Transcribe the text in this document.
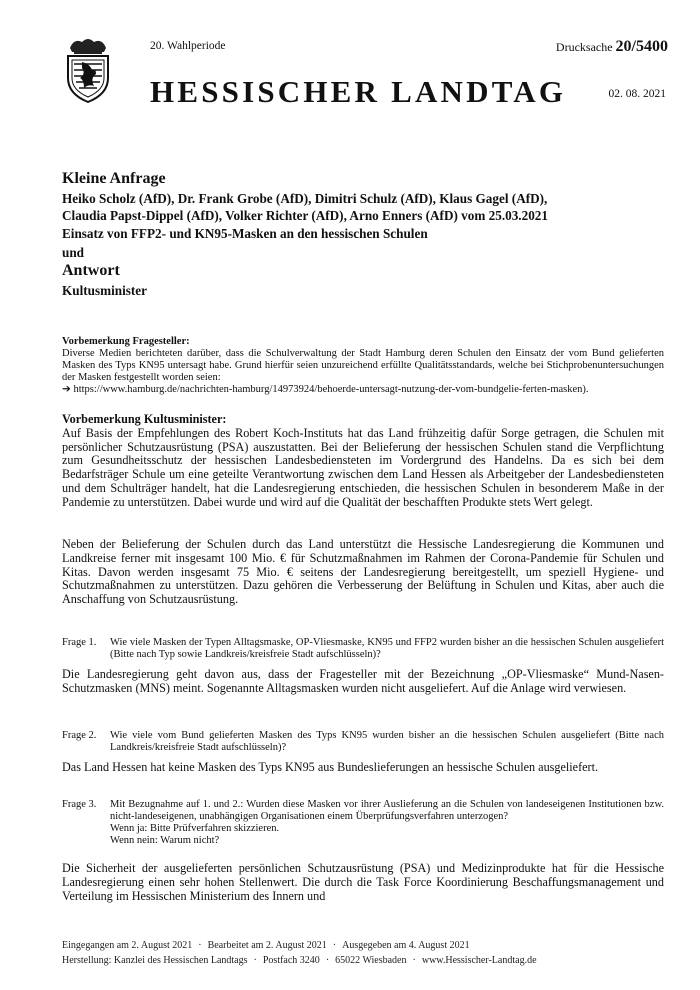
20. Wahlperiode	Drucksache 20/5400
HESSISCHER LANDTAG	02. 08. 2021
Kleine Anfrage
Heiko Scholz (AfD), Dr. Frank Grobe (AfD), Dimitri Schulz (AfD), Klaus Gagel (AfD),
Claudia Papst-Dippel (AfD), Volker Richter (AfD), Arno Enners (AfD) vom 25.03.2021
Einsatz von FFP2- und KN95-Masken an den hessischen Schulen
und
Antwort
Kultusminister
Vorbemerkung Fragesteller:
Diverse Medien berichteten darüber, dass die Schulverwaltung der Stadt Hamburg deren Schulen den Einsatz der vom Bund gelieferten Masken des Typs KN95 untersagt habe. Grund hierfür seien unzureichend erfüllte Qualitätsstandards, welche bei Stichprobenuntersuchungen der Masken festgestellt worden seien:
➔ https://www.hamburg.de/nachrichten-hamburg/14973924/behoerde-untersagt-nutzung-der-vom-bundgelie-ferten-masken).
Vorbemerkung Kultusminister:
Auf Basis der Empfehlungen des Robert Koch-Instituts hat das Land frühzeitig dafür Sorge getragen, die Schulen mit persönlicher Schutzausrüstung (PSA) auszustatten. Bei der Belieferung der hessischen Schulen stand die Verpflichtung zum Gesundheitsschutz der hessischen Landesbediensteten im Vordergrund des Handelns. Da es sich bei dem Bedarfsträger Schule um eine geteilte Verantwortung zwischen dem Land Hessen als Arbeitgeber der Landesbediensteten und dem Schulträger handelt, hat die Landesregierung entschieden, die hessischen Schulen in besonderem Maße in der Pandemie zu unterstützen. Dabei wurde und wird auf die Qualität der beschafften Produkte stets Wert gelegt.
Neben der Belieferung der Schulen durch das Land unterstützt die Hessische Landesregierung die Kommunen und Landkreise ferner mit insgesamt 100 Mio. € für Schutzmaßnahmen im Rahmen der Corona-Pandemie für Schulen und Kitas. Davon werden insgesamt 75 Mio. € seitens der Landesregierung bereitgestellt, um speziell Hygiene- und Schutzmaßnahmen zu unterstützen. Dazu gehören die Verbesserung der Belüftung in Schulen und Kitas, aber auch die Anschaffung von Schutzausrüstung.
Frage 1. Wie viele Masken der Typen Alltagsmaske, OP-Vliesmaske, KN95 und FFP2 wurden bisher an die hessischen Schulen ausgeliefert (Bitte nach Typ sowie Landkreis/kreisfreie Stadt aufschlüsseln)?
Die Landesregierung geht davon aus, dass der Fragesteller mit der Bezeichnung „OP-Vliesmaske“ Mund-Nasen-Schutzmasken (MNS) meint. Sogenannte Alltagsmasken wurden nicht ausgeliefert. Auf die Anlage wird verwiesen.
Frage 2. Wie viele vom Bund gelieferten Masken des Typs KN95 wurden bisher an die hessischen Schulen ausgeliefert (Bitte nach Landkreis/kreisfreie Stadt aufschlüsseln)?
Das Land Hessen hat keine Masken des Typs KN95 aus Bundeslieferungen an hessische Schulen ausgeliefert.
Frage 3. Mit Bezugnahme auf 1. und 2.: Wurden diese Masken vor ihrer Auslieferung an die Schulen von landeseigenen Institutionen bzw. nicht-landeseigenen, unabhängigen Organisationen einem Überprüfungsverfahren unterzogen?
Wenn ja: Bitte Prüfverfahren skizzieren.
Wenn nein: Warum nicht?
Die Sicherheit der ausgelieferten persönlichen Schutzausrüstung (PSA) und Medizinprodukte hat für die Hessische Landesregierung einen sehr hohen Stellenwert. Die durch die Task Force Koordinierung Beschaffungsmanagement und Verteilung im Hessischen Ministerium des Innern und
Eingegangen am 2. August 2021 · Bearbeitet am 2. August 2021 · Ausgegeben am 4. August 2021
Herstellung: Kanzlei des Hessischen Landtags · Postfach 3240 · 65022 Wiesbaden · www.Hessischer-Landtag.de
